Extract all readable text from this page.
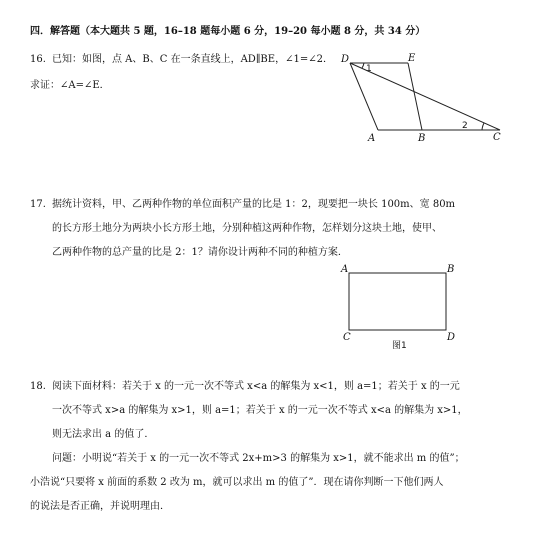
四．解答题（本大题共 5 题，16–18 题每小题 6 分，19–20 每小题 8 分，共 34 分）
16. 已知：如图，点 A、B、C 在一条直线上，AD∥BE，∠1=∠2．
求证：∠A=∠E．
D	E
A	B	C
1
2
17. 据统计资料，甲、乙两种作物的单位面积产量的比是 1：2，现要把一块长 100m、宽 80m
的长方形土地分为两块小长方形土地，分别种植这两种作物，怎样划分这块土地，使甲、
乙两种作物的总产量的比是 2：1？请你设计两种不同的种植方案．
A	B
C	D
图1
18. 阅读下面材料：若关于 x 的一元一次不等式 x<a 的解集为 x<1，则 a=1；若关于 x 的一元
一次不等式 x>a 的解集为 x>1，则 a=1；若关于 x 的一元一次不等式 x<a 的解集为 x>1，
则无法求出 a 的值了．
问题：小明说“若关于 x 的一元一次不等式 2x+m>3 的解集为 x>1，就不能求出 m 的值”；
小浩说“只要将 x 前面的系数 2 改为 m，就可以求出 m 的值了”．现在请你判断一下他们两人
的说法是否正确，并说明理由．
